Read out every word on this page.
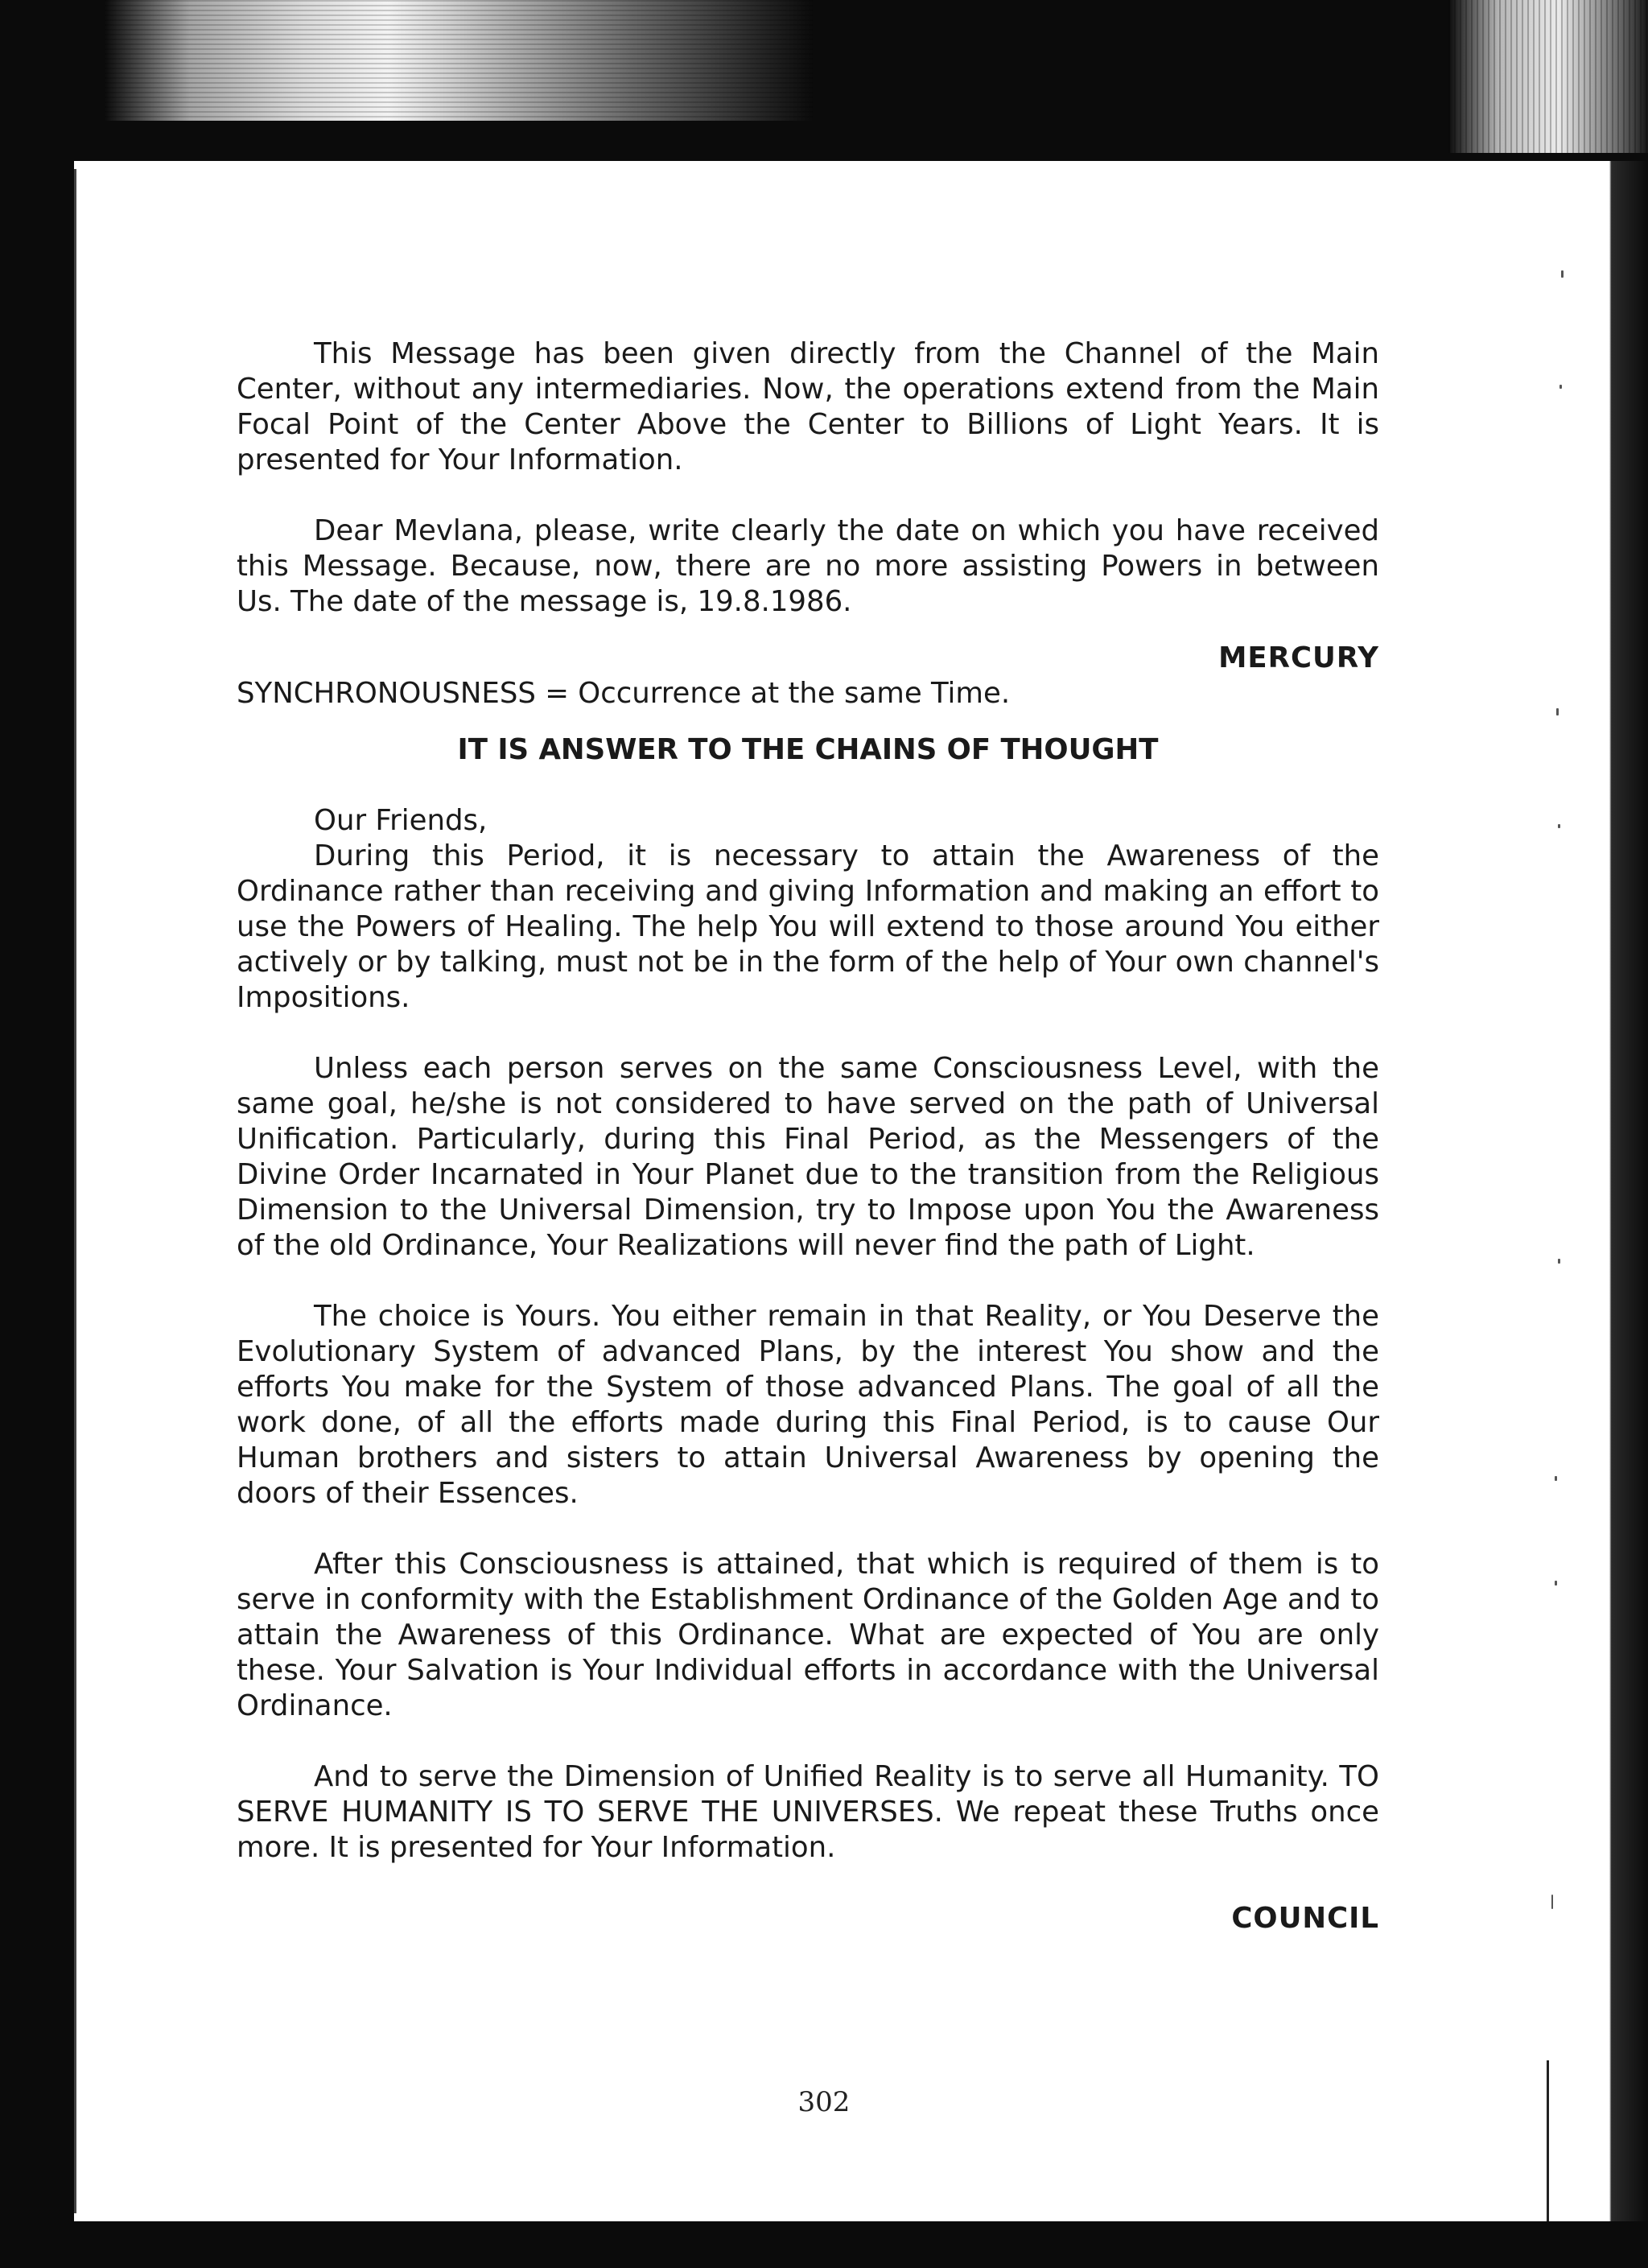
This Message has been given directly from the Channel of the Main Center, without any intermediaries. Now, the operations extend from the Main Focal Point of the Center Above the Center to Billions of Light Years. It is presented for Your Information.

Dear Mevlana, please, write clearly the date on which you have received this Message. Because, now, there are no more assisting Powers in between Us. The date of the message is, 19.8.1986.

MERCURY

SYNCHRONOUSNESS = Occurrence at the same Time.

IT IS ANSWER TO THE CHAINS OF THOUGHT

Our Friends,

During this Period, it is necessary to attain the Awareness of the Ordinance rather than receiving and giving Information and making an effort to use the Powers of Healing. The help You will extend to those around You either actively or by talking, must not be in the form of the help of Your own channel's Impositions.

Unless each person serves on the same Consciousness Level, with the same goal, he/she is not considered to have served on the path of Universal Unification. Particularly, during this Final Period, as the Messengers of the Divine Order Incarnated in Your Planet due to the transition from the Religious Dimension to the Universal Dimension, try to Impose upon You the Awareness of the old Ordinance, Your Realizations will never find the path of Light.

The choice is Yours. You either remain in that Reality, or You Deserve the Evolutionary System of advanced Plans, by the interest You show and the efforts You make for the System of those advanced Plans. The goal of all the work done, of all the efforts made during this Final Period, is to cause Our Human brothers and sisters to attain Universal Awareness by opening the doors of their Essences.

After this Consciousness is attained, that which is required of them is to serve in conformity with the Establishment Ordinance of the Golden Age and to attain the Awareness of this Ordinance. What are expected of You are only these. Your Salvation is Your Individual efforts in accordance with the Universal Ordinance.

And to serve the Dimension of Unified Reality is to serve all Humanity. TO SERVE HUMANITY IS TO SERVE THE UNIVERSES. We repeat these Truths once more. It is presented for Your Information.

COUNCIL

302
